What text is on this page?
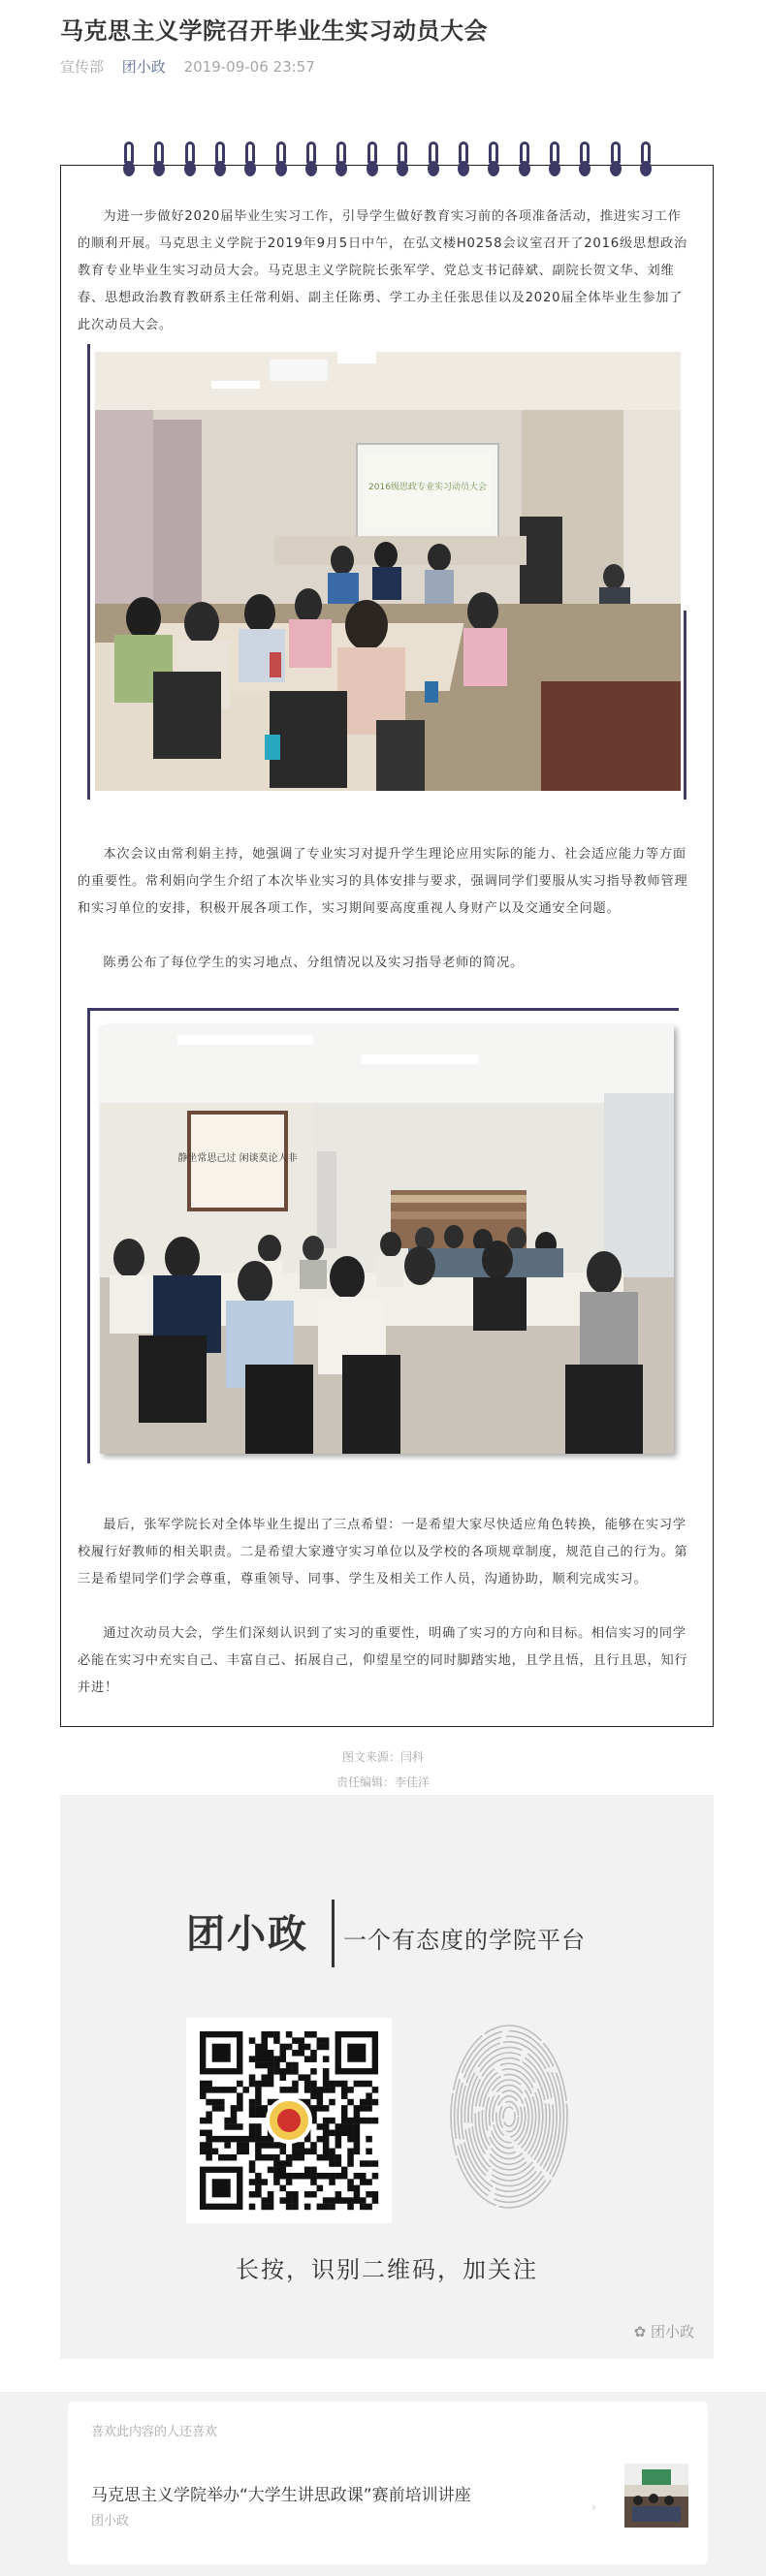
马克思主义学院召开毕业生实习动员大会
宣传部 团小政 2019-09-06 23:57

为进一步做好2020届毕业生实习工作，引导学生做好教育实习前的各项准备活动，推进实习工作的顺利开展。马克思主义学院于2019年9月5日中午，在弘文楼H0258会议室召开了2016级思想政治教育专业毕业生实习动员大会。马克思主义学院院长张军学、党总支书记薛斌、副院长贺文华、刘维春、思想政治教育教研系主任常利娟、副主任陈勇、学工办主任张思佳以及2020届全体毕业生参加了此次动员大会。

2016级思政专业实习动员大会

本次会议由常利娟主持，她强调了专业实习对提升学生理论应用实际的能力、社会适应能力等方面的重要性。常利娟向学生介绍了本次毕业实习的具体安排与要求，强调同学们要服从实习指导教师管理和实习单位的安排，积极开展各项工作，实习期间要高度重视人身财产以及交通安全问题。

陈勇公布了每位学生的实习地点、分组情况以及实习指导老师的简况。

静坐常思己过 闲谈莫论人非

最后，张军学院长对全体毕业生提出了三点希望：一是希望大家尽快适应角色转换，能够在实习学校履行好教师的相关职责。二是希望大家遵守实习单位以及学校的各项规章制度，规范自己的行为。第三是希望同学们学会尊重，尊重领导、同事、学生及相关工作人员，沟通协助，顺利完成实习。

通过次动员大会，学生们深刻认识到了实习的重要性，明确了实习的方向和目标。相信实习的同学必能在实习中充实自己、丰富自己、拓展自己，仰望星空的同时脚踏实地，且学且悟，且行且思，知行并进！

图文来源：闫科
责任编辑：李佳洋
团小政 一个有态度的学院平台
长按，识别二维码，加关注
✿ 团小政
喜欢此内容的人还喜欢
马克思主义学院举办“大学生讲思政课”赛前培训讲座
团小政
›
